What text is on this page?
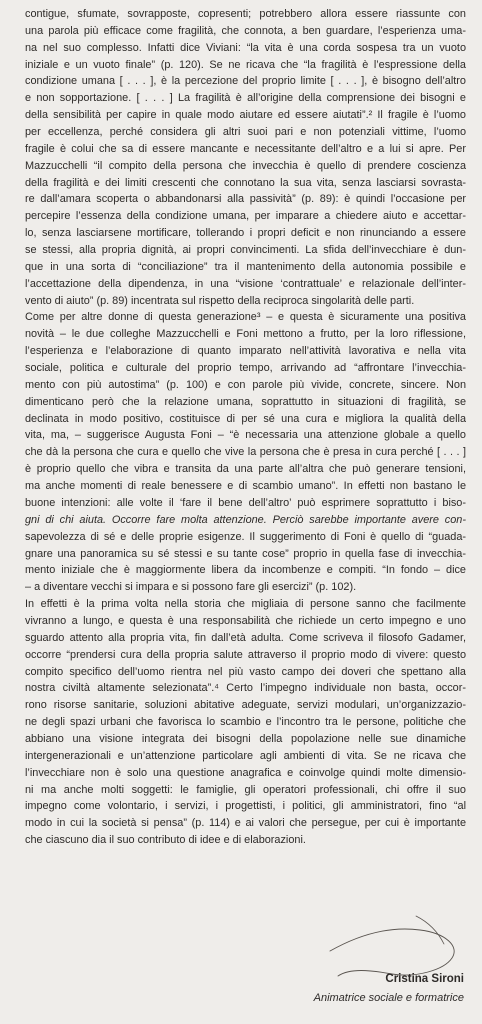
contigue, sfumate, sovrapposte, copresenti; potrebbero allora essere riassunte con
una parola più efficace come fragilità, che connota, a ben guardare, l’esperienza uma-
na nel suo complesso. Infatti dice Viviani: “la vita è una corda sospesa tra un vuoto
iniziale e un vuoto finale” (p. 120). Se ne ricava che “la fragilità è l’espressione della
condizione umana [ . . . ], è la percezione del proprio limite [ . . . ], è bisogno dell’altro
e non sopportazione. [ . . . ] La fragilità è all’origine della comprensione dei bisogni e
della sensibilità per capire in quale modo aiutare ed essere aiutati”.² Il fragile è l’uomo
per eccellenza, perché considera gli altri suoi pari e non potenziali vittime, l’uomo
fragile è colui che sa di essere mancante e necessitante dell’altro e a lui si apre. Per
Mazzucchelli “il compito della persona che invecchia è quello di prendere coscienza
della fragilità e dei limiti crescenti che connotano la sua vita, senza lasciarsi sovrasta-
re dall’amara scoperta o abbandonarsi alla passività” (p. 89): è quindi l’occasione per
percepire l’essenza della condizione umana, per imparare a chiedere aiuto e accettar-
lo, senza lasciarsene mortificare, tollerando i propri deficit e non rinunciando a essere
se stessi, alla propria dignità, ai propri convincimenti. La sfida dell’invecchiare è dun-
que in una sorta di “conciliazione” tra il mantenimento della autonomia possibile e
l’accettazione della dipendenza, in una “visione ‘contrattuale’ e relazionale dell’inter-
vento di aiuto” (p. 89) incentrata sul rispetto della reciproca singolarità delle parti.
Come per altre donne di questa generazione³ – e questa è sicuramente una positiva
novità – le due colleghe Mazzucchelli e Foni mettono a frutto, per la loro riflessione,
l’esperienza e l’elaborazione di quanto imparato nell’attività lavorativa e nella vita
sociale, politica e culturale del proprio tempo, arrivando ad “affrontare l’invecchia-
mento con più autostima” (p. 100) e con parole più vivide, concrete, sincere. Non
dimenticano però che la relazione umana, soprattutto in situazioni di fragilità, se
declinata in modo positivo, costituisce di per sé una cura e migliora la qualità della
vita, ma, – suggerisce Augusta Foni – “è necessaria una attenzione globale a quello
che dà la persona che cura e quello che vive la persona che è presa in cura perché [ . . . ]
è proprio quello che vibra e transita da una parte all’altra che può generare tensioni,
ma anche momenti di reale benessere e di scambio umano”. In effetti non bastano le
buone intenzioni: alle volte il ‘fare il bene dell’altro’ può esprimere soprattutto i biso-
gni di chi aiuta. Occorre fare molta attenzione. Perciò sarebbe importante avere con-
sapevolezza di sé e delle proprie esigenze. Il suggerimento di Foni è quello di “guada-
gnare una panoramica su sé stessi e su tante cose” proprio in quella fase di invecchia-
mento iniziale che è maggiormente libera da incombenze e compiti. “In fondo – dice
– a diventare vecchi si impara e si possono fare gli esercizi” (p. 102).
In effetti è la prima volta nella storia che migliaia di persone sanno che facilmente
vivranno a lungo, e questa è una responsabilità che richiede un certo impegno e uno
sguardo attento alla propria vita, fin dall’età adulta. Come scriveva il filosofo Gadamer,
occorre “prendersi cura della propria salute attraverso il proprio modo di vivere: questo
compito specifico dell’uomo rientra nel più vasto campo dei doveri che spettano alla
nostra civiltà altamente selezionata”.⁴ Certo l’impegno individuale non basta, occor-
rono risorse sanitarie, soluzioni abitative adeguate, servizi modulari, un’organizzazio-
ne degli spazi urbani che favorisca lo scambio e l’incontro tra le persone, politiche che
abbiano una visione integrata dei bisogni della popolazione nelle sue dinamiche
intergenerazionali e un’attenzione particolare agli ambienti di vita. Se ne ricava che
l’invecchiare non è solo una questione anagrafica e coinvolge quindi molte dimensio-
ni ma anche molti soggetti: le famiglie, gli operatori professionali, chi offre il suo
impegno come volontario, i servizi, i progettisti, i politici, gli amministratori, fino “al
modo in cui la società si pensa” (p. 114) e ai valori che persegue, per cui è importante
che ciascuno dia il suo contributo di idee e di elaborazioni.
Cristina Sironi
Animatrice sociale e formatrice
